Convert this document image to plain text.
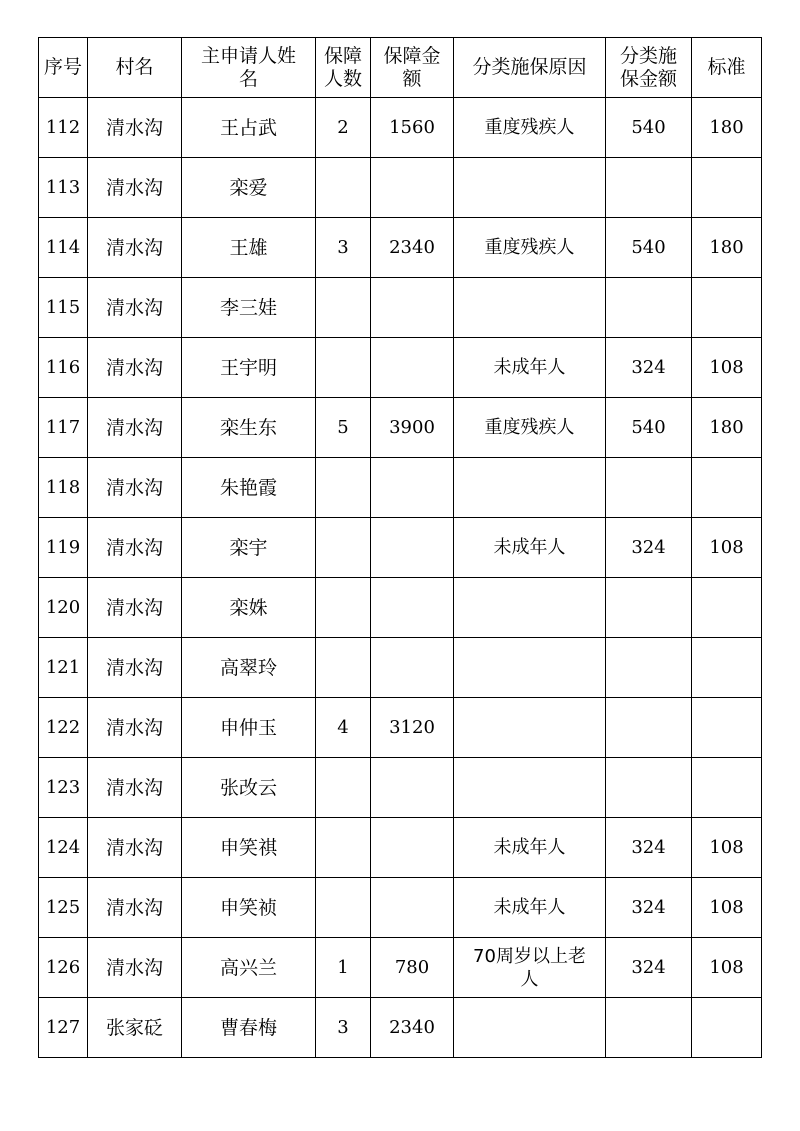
序号	村名	主申请人姓名	保障人数	保障金额	分类施保原因	分类施保金额	标准
112	清水沟	王占武	2	1560	重度残疾人	540	180
113	清水沟	栾爱					
114	清水沟	王雄	3	2340	重度残疾人	540	180
115	清水沟	李三娃					
116	清水沟	王宇明			未成年人	324	108
117	清水沟	栾生东	5	3900	重度残疾人	540	180
118	清水沟	朱艳霞					
119	清水沟	栾宇			未成年人	324	108
120	清水沟	栾姝					
121	清水沟	高翠玲					
122	清水沟	申仲玉	4	3120			
123	清水沟	张改云					
124	清水沟	申笑祺			未成年人	324	108
125	清水沟	申笑祯			未成年人	324	108
126	清水沟	高兴兰	1	780	70周岁以上老人	324	108
127	张家砭	曹春梅	3	2340			
